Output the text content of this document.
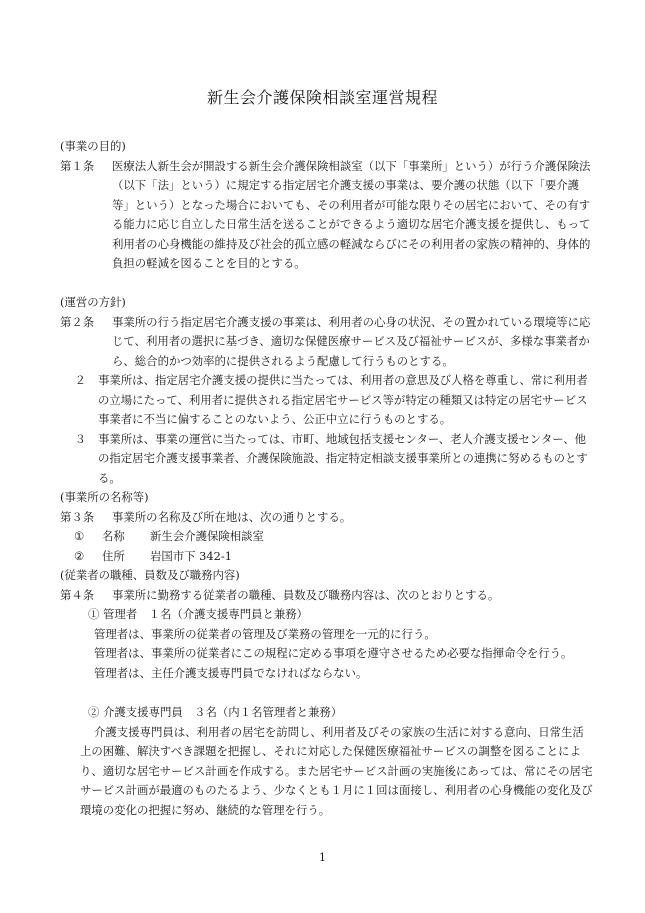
新生会介護保険相談室運営規程
(事業の目的)
第１条	医療法人新生会が開設する新生会介護保険相談室（以下「事業所」という）が行う介護保険法（以下「法」という）に規定する指定居宅介護支援の事業は、要介護の状態（以下「要介護等」という）となった場合においても、その利用者が可能な限りその居宅において、その有する能力に応じ自立した日常生活を送ることができるよう適切な居宅介護支援を提供し、もって利用者の心身機能の維持及び社会的孤立感の軽減ならびにその利用者の家族の精神的、身体的負担の軽減を図ることを目的とする。
(運営の方針)
第２条	事業所の行う指定居宅介護支援の事業は、利用者の心身の状況、その置かれている環境等に応じて、利用者の選択に基づき、適切な保健医療サービス及び福祉サービスが、多様な事業者から、総合的かつ効率的に提供されるよう配慮して行うものとする。
２	事業所は、指定居宅介護支援の提供に当たっては、利用者の意思及び人格を尊重し、常に利用者の立場にたって、利用者に提供される指定居宅サービス等が特定の種類又は特定の居宅サービス事業者に不当に偏することのないよう、公正中立に行うものとする。
３	事業所は、事業の運営に当たっては、市町、地域包括支援センター、老人介護支援センター、他の指定居宅介護支援事業者、介護保険施設、指定特定相談支援事業所との連携に努めるものとする。
(事業所の名称等)
第３条	事業所の名称及び所在地は、次の通りとする。
①	名称	新生会介護保険相談室
②	住所	岩国市下 342-1
(従業者の職種、員数及び職務内容)
第４条	事業所に勤務する従業者の職種、員数及び職務内容は、次のとおりとする。
① 管理者　１名（介護支援専門員と兼務）
管理者は、事業所の従業者の管理及び業務の管理を一元的に行う。
管理者は、事業所の従業者にこの規程に定める事項を遵守させるため必要な指揮命令を行う。
管理者は、主任介護支援専門員でなければならない。
② 介護支援専門員　３名（内１名管理者と兼務）
介護支援専門員は、利用者の居宅を訪問し、利用者及びその家族の生活に対する意向、日常生活上の困難、解決すべき課題を把握し、それに対応した保健医療福祉サービスの調整を図ることにより、適切な居宅サービス計画を作成する。また居宅サービス計画の実施後にあっては、常にその居宅サービス計画が最適のものたるよう、少なくとも１月に１回は面接し、利用者の心身機能の変化及び環境の変化の把握に努め、継続的な管理を行う。
1
